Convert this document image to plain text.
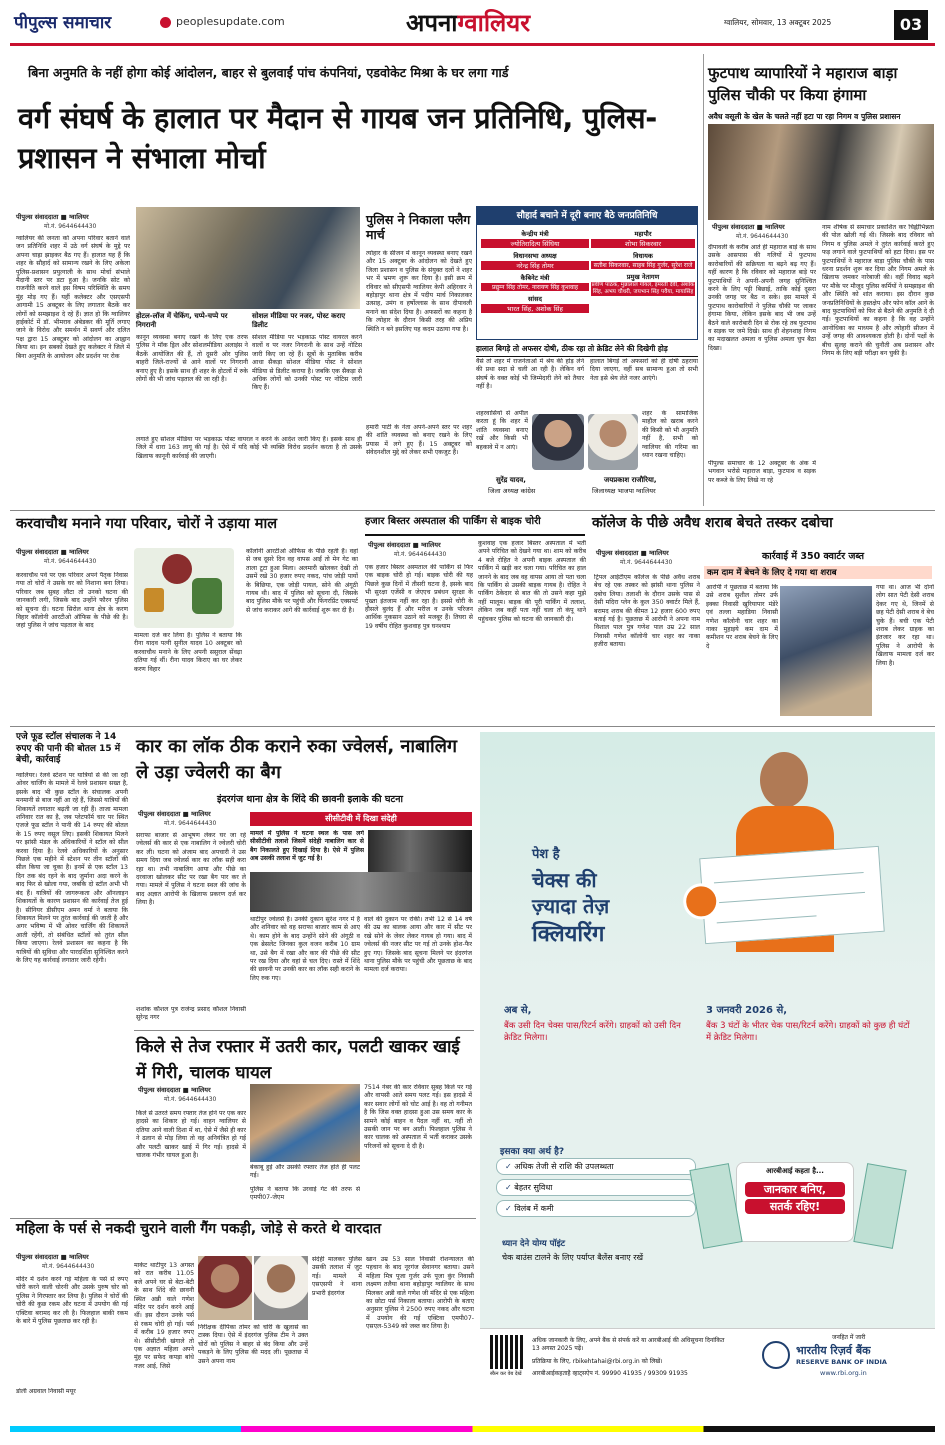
पीपुल्स समाचार	peoplesupdate.com	अपनाग्वालियर	ग्वालियर, सोमवार, 13 अक्टूबर 2025	03
बिना अनुमति के नहीं होगा कोई आंदोलन, बाहर से बुलवाईं पांच कंपनियां, एडवोकेट मिश्रा के घर लगा गार्ड
वर्ग संघर्ष के हालात पर मैदान से गायब जन प्रतिनिधि, पुलिस-प्रशासन ने संभाला मोर्चा
पीपुल्स संवाददाता ■ ग्वालियर
मो.नं. 9644644430
ग्वालियर की जनता को अपना परिवार बताने वाले जन प्रतिनिधि शहर में उठे वर्ग संघर्ष के मुद्दे पर अपना चाह्रा झाइकर बैठ गए हैं। हालात यह हैं कि शहर के सौहार्द को सामान्य रखने के लिए अकेला पुलिस-प्रशासन प्रयुत्नाली के साथ मोर्चा संभाले मैदानी स्तर पर डटा हुआ है। जनकि सोट को राजनीति करने वाले इस विषम परिस्थिति के समय मुंह मोड़ गए हैं। यहीं कलेक्टर और एसएसपी आगामी 15 अक्टूबर के लिए लगातार बैठकें कर लोगों को समझाइश दे रहे हैं। ज्ञात हो कि ग्वालियर हाईकोर्ट में डॉ. भीमराव अंबेडकर की मूर्ति लगाए जाने के विरोध और समर्थन में सवर्ण और दलित पक्ष द्वारा 15 अक्टूबर को आंदोलन का आह्वान किया था। इन सबको देखते हुए कलेक्टर ने जिले में बिना अनुमति के आयोजन और प्रदर्शन पर रोक
होटल-लॉज में चेकिंग, चप्पे-चप्पे पर निगरानी
कानून व्यवस्था बनाए रखने के लिए एक तरफ पुलिस ने मॉक ड्रिल और सोशलमीडिया अलाइंस ने बैठकें आयोजित की हैं, तो दूसरी ओर पुलिस बाहरी जिले-राज्यों से आने वालों पर निगरानी बनाए हुए है। इसके साथ ही शहर के होटलों में रुके लोगों की भी जांच पड़ताल की जा रही है।
सोशल मीडिया पर नजर, पोस्ट कराए डिलीट
सोशल मीडिया पर भड़काऊ पोस्ट वायरल करने वालों व पर नजर निगरानी के साथ उन्हें नोटिस जारी किए जा रहे हैं। सूत्रों के मुताबिक करीब आधा सैकड़ा सोशल मीडिया पोस्ट ने सोशल मीडिया से डिलीट कराया है। जबकि एक सैकड़ा से अधिक लोगों को उनकी पोस्ट पर नोटिस जारी किए हैं।
लगाते हुए सोशल मीडिया पर भड़काऊ पोस्ट वायरल न करने के आदेश जारी किए हैं। इसके साथ ही जिले में धारा 163 लागू की गई है। ऐसे में यदि कोई भी व्यक्ति विरोध प्रदर्शन करता है तो उसके खिलाफ कानूनी कार्रवाई की जाएगी।
पुलिस ने निकाला फ्लैग मार्च
त्योहार के सीजन में कानून व्यवस्था बनाए रखने और 15 अक्टूबर के आंदोलन को देखते हुए जिला प्रशासन व पुलिस के संयुक्त दलों ने शहर भर में भ्रमण शुरू कर दिया है। इसी क्रम में रविवार को सीएसपी ग्वालियर केपी अहिरवार ने बहोड़ापुर थाना क्षेत्र में पदीय मार्च निकालकर उत्साह, उमंग व हर्षोल्लास के साथ दीपावली मनाने का संदेश दिया है। अफसरों का कहना है कि त्योहार के दौरान किसी तरह की अप्रिय स्थिति न बने इसलिए यह कदम उठाया गया है।
सौहार्द बचाने में दूरी बनाए बैठे जनप्रतिनिधि
केन्द्रीय मंत्री
ज्योतिरादित्य सिंधिया
विधानसभा अध्यक्ष
नरेन्द्र सिंह तोमर
कैबिनेट मंत्री
प्रद्युम्न सिंह तोमर, नारायण सिंह कुशवाह
सांसद
भारत सिंह, अशोक सिंह
महापौर
शोभा सिकरवार
विधायक
सतीश सिकरवार, साहब सिंह गुर्जर, सुरेश राजे
प्रमुख नेतागण
प्रवीण पाठक, मुन्नालाल गोयल, इमरती देवी, अशोक सिंह, अभय चौधरी, जयभान सिंह पवैया, मायासिंह
हालात बिगड़े तो अफसर दोषी, ठीक रहा तो क्रेडिट लेने की दिखेगी होड़
वैसे तो शहर में राजनेताओं में श्रेय की होड़ लेने की प्रथा सदा से चली आ रही है। लेकिन वर्ग संघर्ष के वक्त कोई भी जिम्मेदारी लेने को तैयार नहीं है।
हालात बिगड़े तो अफसरों को ही दोषी ठहराया दिया जाएगा, वहीं सब सामान्य हुआ तो सभी नेता इसे श्रेय लेते नजर आएंगे।
हमारी पार्टी के नेता अपने-अपने स्तर पर शहर की शांति व्यवस्था को बनाए रखने के लिए प्रयास में लगे हुए हैं। 15 अक्टूबर को संवेदनशील मुद्दे को लेकर सभी एकजुट हैं।
शहरवासियों से अपील करता हूं कि शहर में शांति व्यवस्था बनाए रखें और किसी भी बहकावे में न आएं।
सुरेंद्र यादव,
जिला अध्यक्ष कांग्रेस
शहर के सामाजिक माहौल को खराब करने की किसी को भी अनुमति नहीं है, सभी को ग्वालियर की गरिमा का ध्यान रखना चाहिए।
जयप्रकाश राजौरिया,
जिलाध्यक्ष भाजपा ग्वालियर
फुटपाथ व्यापारियों ने महाराज बाड़ा पुलिस चौकी पर किया हंगामा
अवैध वसूली के खेल के चलते नहीं हटा पा रहा निगम व पुलिस प्रशासन
पीपुल्स संवाददाता ■ ग्वालियर
मो.नं. 9644644430
दीपावली के करीब आते ही महाराज बाड़े के साथ उसके आसपास की गलियों में फुटपाथ कारोबारियों की सक्रियता या बढ़ने बढ़ गए हैं। यहीं कारण है कि रविवार को महाराज बाड़े पर फुटपाथियों ने अपनी-अपनी जगह सुनिश्चित करने के लिए पट्टी बिछाई, ताकि कोई दूसरा उनकी जगह पर बैठ न सके। इस मामले में फुटपाथ कारोबारियों ने पुलिस चौकी पर जाकर हंगामा किया, लेकिन इसके बाद भी जब उन्हें बैठने वाले कारोबारी दिन से रोक रहे तब फुटपाथ व सड़क पर जमे दिखे। साथ ही शेहनशाह निगम का मदाखलत अमला व पुलिस अमला चुप बैठा दिखा।
पीपुल्स समाचार के 12 अक्टूबर के अंक में भगवान भरोसे महाराज बाड़ा, फुटपाथ व सड़क पर कब्जे के लिए लिखे ना रहे
नाम शीर्षक से समाचार प्रकाशित कर चिह्नीभिन्नता की पोल खोली गई थी। जिसके बाद रविवार को निगम व पुलिस अमले ने तुरंत कार्रवाई करते हुए फड़ लगाने वाले फुटपाथियों को हटा दिया। इस पर फुटपाथियों ने महाराज बाड़ा पुलिस चौकी के पास धरना प्रदर्शन शुरू कर दिया और निगम अमले के खिलाफ जमकर नारेबाजी की। वहीं विवाद बढ़ने पर मौके पर मौजूद पुलिस कर्मियों ने समझाइश की और स्थिति को शांत कराया। इस दौरान कुछ जनप्रतिनिधियों के हस्तक्षेप और फोन काॅल आने के बाद फुटपाथियों को फिर से बैठने की अनुमति दे दी गई। फुटपाथियों का कहना है कि वह उन्होंने आनोधिका का माध्यम है और त्योहारी सीजन में उन्हें जगह की आवश्यकता होती है। दोनों पक्षों के बीच सुलह कराने की चुनौती अब प्रशासन और निगम के लिए बड़ी परीक्षा बन चुकी है।
करवाचौथ मनाने गया परिवार, चोरों ने उड़ाया माल
पीपुल्स संवाददाता ■ ग्वालियर
मो.नं. 9644644430
करवाचौथ पर्व पर एक परिवार अपने पैतृक निवास गया तो चोरों ने उसके घर को निशाना बना लिया। परिवार जब सुबह लौटा तो उनको घटना की जानकारी लगी, जिसके बाद उन्होंने फौरन पुलिस को सूचना दी। घटना सिरोल थाना क्षेत्र के करण विहार कॉलोनी आरटीओ ऑफिस के पीछे की है। जहां पुलिस ने जांच पड़ताल के बाद
मामला दर्ज कर लिया है। पुलिस ने बताया कि रीना यादव पत्नी सुनील यादव 10 अक्टूबर को करवाचौथ मनाने के लिए अपनी ससुराल सेंवढ़ा दतिया गई थीं। रीना यादव किराए का घर लेकर करण विहार
कॉलोनी आरटीओ ऑफिस के पीछे रहती हैं। वहां से जब दूसरे दिन वह वापस आईं तो मेन गेट का ताला टूटा हुआ मिला। अलमारी खोलकर देखी तो उसमें रखे 30 हजार रुपए नकद, पांच जोड़ी पायों के बिछिया, एक जोड़ी पायल, सोने की अंगूठी गायब थी। बाद में पुलिस को सूचना दी, जिसके बाद पुलिस मौके पर पहुंची और फिंगरप्रिंट एक्सपर्ट से जांच कराकर आगे की कार्रवाई शुरू कर दी है।
हजार बिस्तर अस्पताल की पार्किंग से बाइक चोरी
पीपुल्स संवाददाता ■ ग्वालियर
मो.नं. 9644644430
एक हजार बिस्तर अस्पताल की पार्किंग से फिर एक बाइक चोरी हो गई। बाइक चोरी की यह पिछले कुछ दिनों में तीसरी घटना है, इसके बाद भी सुरक्षा एजेंसी व जेएएच प्रबंधन सुरक्षा के पुख्ता इंतजाम नहीं कर रहा है। इससे चोरी के हौसले बुलंद हैं और मरीज व उनके परिजन आर्थिक नुकसान उठाने को मजबूर हैं। तिघरा से 19 वर्षीय रोहित कुशवाह पुत्र घनश्याम
कुशवाह एक हजार बिस्तर अस्पताल में भर्ती अपने परिचित को देखने गया था। शाम को करीब 4 बजे रोहित ने अपनी बाइक अस्पताल की पार्किंग में खड़ी कर चला गया। परिचित का हाल जानने के बाद जब वह वापस आया तो पता चला कि पार्किंग से उसकी बाइक गायब है। रोहित ने पार्किंग ठेकेदार से बात की तो उसने कहा मुझे नहीं मालूम। बाइक की पूरी पार्किंग में तलाश, लेकिन जब कहीं पता नहीं चला तो कंपू थाने पहुंचकर पुलिस को घटना की जानकारी दी।
कॉलेज के पीछे अवैध शराब बेचते तस्कर दबोचा
कार्रवाई में 350 क्वार्टर जब्त
कम दाम में बेचने के लिए दे गया था शराब
पीपुल्स संवाददाता ■ ग्वालियर
मो.नं. 9644644430
ट्रिपल आईटीएम कॉलेज के पीछे अवैध शराब बेच रहे एक तस्कर को झांसी थाना पुलिस ने दबोच लिया। तलाशी के दौरान उसके पास से देसी मदिरा प्लेन के कुल 350 क्वार्टर मिले हैं, बरामद शराब की कीमत 12 हजार 600 रुपए बताई गई है। पूछताछ में आरोपी ने अपना नाम विशाल पाल पुत्र गणेश पाल उम्र 22 साल निवासी गणेश कॉलोनी चार शहर का नाका हजीरा बताया।
आरोपी ने पूछताछ में बताया कि उसे शराब सुशील तोमर उर्फ इक्का निवासी खुरियापार मंडेरे एवं तल्ला महाडिया निवासी गणेश कॉलोनी चार शहर का नाका मुहाइये कम दाम में कमीशन पर शराब बेचने के लिए दे
गया था। आज भी दोनों लोग सात पेटी देसी शराब देकर गए थे, जिनमें से छह पेटी देसी शराब वे बेच चुके हैं। बची एक पेटी शराब लेकर ग्राहक का इंतजार कर रहा था। पुलिस ने आरोपी के खिलाफ मामला दर्ज कर लिया है।
एजे फूड स्टॉल संचालक ने 14 रुपए की पानी की बोतल 15 में बेची, कार्रवाई
ग्वालियर। रेलवे स्टेशन पर यात्रियों से की जा रही ओवर चार्जिंग के मामले में रेलवे प्रशासन सख्त है, इसके बाद भी कुछ स्टॉल के संचालक अपनी मनमानी से बाज नहीं आ रहे हैं, जिससे यात्रियों की शिकायतें लगातार बढ़ती जा रही हैं। ताजा मामला शनिवार रात का है, जब प्लेटफॉर्म चार पर स्थित एजजे फूड स्टॉल ने पानी की 14 रुपए की बोतल के 15 रुपए वसूल लिए। इसकी शिकायत मिलने पर झांसी मंडल के अधिकारियों ने स्टॉल को सील करवा दिया है। रेलवे अधिकारियों के अनुसार पिछले एक महीने में स्टेशन पर तीन स्टॉलों की सील किया जा चुका है। इनमें से एक स्टॉल 13 दिन तक बंद रहने के बाद जुर्माना अदा करने के बाद फिर से खोला गया, जबकि दो स्टॉल अभी भी बंद हैं। यात्रियों की जागरूकता और ऑनलाइन शिकायतों के कारण प्रशासन की कार्रवाई तेज हुई है। सीनियर डीसीएम अमन वर्मा ने बताया कि शिकायत मिलने पर तुरंत कार्रवाई की जाती है और अगर भविष्य में भी ओवर चार्जिंग की शिकायतें आती रहेंगी, तो संबंधित स्टॉलों को तुरंत सील किया जाएगा। रेलवे प्रशासन का कहना है कि यात्रियों की सुविधा और पारदर्शिता सुनिश्चित करने के लिए यह कार्रवाई लगातार जारी रहेगी।
कार का लॉक ठीक कराने रुका ज्वेलर्स, नाबालिग ले उड़ा ज्वेलरी का बैग
इंदरगंज थाना क्षेत्र के शिंदे की छावनी इलाके की घटना
पीपुल्स संवाददाता ■ ग्वालियर
मो.नं. 9644644430
सीसीटीवी में दिखा संदेही
मामले में पुलिस ने घटना स्थल के पास लगे सीसीटीवी तलाशे जिसमें संदेही नाबालिग कार से बैग निकालते हुए दिखाई दिया है। ऐसे में पुलिस अब उसकी तलाश में जुट गई है।
सराफा बाजार से आभूषण लेकर घर जा रहे ज्वेलर्स की कार से एक नाबालिग ने ज्वेलरी चोरी कर ली। घटना को अंजाम बाद अपचारी ने उस समय दिया जब ज्वेलर्स कार का लॉक सही करा रहा था। तभी नाबालिग आया और पीछे का दरवाजा खोलकर सीट पर रखा बैग पार कर ले गया। मामले में पुलिस ने घटना स्थल की जांच के बाद अज्ञात आरोपी के खिलाफ प्रकरण दर्ज कर लिया है।
शशांक कौशल पुत्र राजेन्द्र प्रसाद कौशल निवासी सुरेन्द्र नगर
थाटीपुर ज्वेलर्स हैं। उनकी दुकान सुरेश नगर में है और शनिवार को वह सराफा बाजार काम से आए थे। काम होने के बाद उन्होंने सोने की अंगूठी व एक ब्रेसलेट जिनका कुल वजन करीब 10 ग्राम था, उसे बैग में रखा और कार की पीछे की सीट पर रख दिया और वहां से चल दिए। रास्ते में शिंदे की छावनी पर उनकी कार का लॉक सही कराने के लिए रुक गए।
वाले की दुकान पर रोकी। तभी 12 से 14 वर्ष की उम्र का बालक आया और कार में सीट पर रखे सोने के जेवर लेकर गायब हो गया। बाद में ज्वेलर्स की नजर सीट पर गई तो उनके होश-फैर हुए गए। जिसके बाद सूचना मिलने पर इंदरगंज थाना पुलिस मौके पर पहुंची और पूछताछ के बाद मामला दर्ज कराया।
किले से तेज रफ्तार में उतरी कार, पलटी खाकर खाई में गिरी, चालक घायल
पीपुल्स संवाददाता ■ ग्वालियर
मो.नं. 9644644430
किले से उतरते समय रफ्तार तेज होने पर एक कार हादसे का शिकार हो गई। वाहन ग्वालियर से दतिया आने वाली दिशा में था, ऐसे में जैसे ही कार ने ढलान से मोड़ लिया तो वह अनियंत्रित हो गई और पलटी खाकर खाई में गिर गई। हादसे में चालक गंभीर घायल हुआ है।
बेकाबू हुई और उसकी रफ्तार तेज होते ही पलट गई।
पुलिस ने बताया कि उरवाई गेट की तरफ से एमपी07-जेएम
7514 नंबर की कार रविवार सुबह किले पर गई और वापसी आते समय पलट गई। इस हादसे में कार सवार लोगों को चोट आई है। वह तो गनीमत है कि जिस वक्त हादसा हुआ उस समय कार के सामने कोई बाहन व पैदल नहीं था, नहीं तो उसकी जान पर बन आती। फिलहाल पुलिस ने कार चालक को अस्पताल में भर्ती कराकर उसके परिजनों को सूचना दे दी है।
महिला के पर्स से नकदी चुराने वाली गैंग पकड़ी, जोड़े से करते थे वारदात
पीपुल्स संवाददाता ■ ग्वालियर
मो.नं. 9644644430
मंदिर में दर्शन करने गई महिला के पर्स से रुपए चोरी करने वाली चोरनी और उसके पुरुष चोर को पुलिस ने गिरफ्तार कर लिया है। पुलिस ने चोरों की चोरी की कुछ रकम और घटना में उपयोग की गई एक्टिवा बरामद कर ली है। फिलहाल बाकी रकम के बारे में पुलिस पूछताछ कर रही है।
डोली अग्रवाल निवासी मयूर
मार्केट थाटीपुर 13 अगस्त को रात करीब 11.05 बजे अपने घर से बेटा-बेटी के साथ शिंदे की छावनी स्थित अन्नी वाले गणेश मंदिर पर दर्शन करने आई थीं। इस दौरान उनके पर्स से रकम चोरी हो गई। पर्स में करीब 19 हजार रुपए थे। सीसीटीवी खंगाले तो एक अज्ञात महिला अपने मुंह पर सफेद कपड़ा बांधे नजर आई, जिसे
निरीक्षक दीपिका तोमर को चोरी के खुलासे का टास्क दिया। ऐसे में इंदरगंज पुलिस टीम ने उक्त चोरों को पुलिस ने बाहर से बंद किया और उन्हें पकड़ने के लिए पुलिस की मदद ली। पूछताछ में उसने अपना नाम
संदेही मालकर पुलिस उसकी तलाश में जुट गई। मामले में एसएसपी ने थाना प्रभारी इंदरगंज
खान उम्र 53 साल निवासी रोशन्यालत की पहचान के बाद नूरगंज सेवानगर बताया। उसने महिला मित्र पूजा गुर्जर उर्फ पूजा कुंर निवासी लक्ष्मण तलैया थाना बहोड़ापुर ग्वालियर के साथ मिलकर अन्नी वाले गणेश जी मंदिर से एक महिला का छोटा पर्स निकाला बताया। आरोपी के बताए अनुसार पुलिस ने 2500 रुपए नकद और घटना में उपयोग की गई एक्टिवा एमपी07-एसएल-5349 को जब्त कर लिया है।
पेश है
चेक्स की
ज़्यादा तेज़
क्लियरिंग
अब से,
बैंक उसी दिन चेक्स पास/रिटर्न करेंगे। ग्राहकों को उसी दिन क्रेडिट मिलेगा।
3 जनवरी 2026 से,
बैंक 3 घंटों के भीतर चेक पास/रिटर्न करेंगे। ग्राहकों को कुछ ही घंटों में क्रेडिट मिलेगा।
इसका क्या अर्थ है?
✓ अधिक तेजी से राशि की उपलब्धता
✓ बेहतर सुविधा
✓ विलंब में कमी
ध्यान देने योग्य पॉइंट
चेक बाउंस टालने के लिए पर्याप्त बैलेंस बनाए रखें
आरबीआई कहता है...
जानकार बनिए,
सतर्क रहिए!
स्कैन कर वेब देखें
अधिक जानकारी के लिए, अपने बैंक से संपर्क करें या आरबीआई की अधिसूचना दिनांकित 13 अगस्त 2025 पढ़ें।
प्रतिक्रिया के लिए, rbikehtahai@rbi.org.in को लिखें।
आरबीआईकहताहै व्हाट्सऐप नं. 99990 41935 / 99309 91935
जनहित में जारी
भारतीय रिज़र्व बैंक
RESERVE BANK OF INDIA
www.rbi.org.in
